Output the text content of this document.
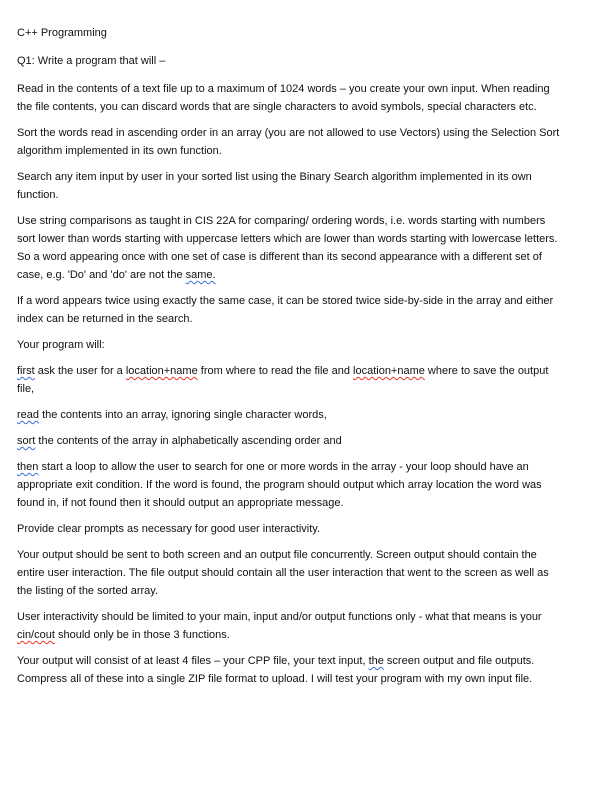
C++ Programming

Q1: Write a program that will –

Read in the contents of a text file up to a maximum of 1024 words – you create your own input. When reading the file contents, you can discard words that are single characters to avoid symbols, special characters etc.

Sort the words read in ascending order in an array (you are not allowed to use Vectors) using the Selection Sort algorithm implemented in its own function.

Search any item input by user in your sorted list using the Binary Search algorithm implemented in its own function.

Use string comparisons as taught in CIS 22A for comparing/ ordering words, i.e. words starting with numbers sort lower than words starting with uppercase letters which are lower than words starting with lowercase letters. So a word appearing once with one set of case is different than its second appearance with a different set of case, e.g. 'Do' and 'do' are not the same.

If a word appears twice using exactly the same case, it can be stored twice side-by-side in the array and either index can be returned in the search.

Your program will:

first ask the user for a location+name from where to read the file and location+name where to save the output file,

read the contents into an array, ignoring single character words,

sort the contents of the array in alphabetically ascending order and

then start a loop to allow the user to search for one or more words in the array - your loop should have an appropriate exit condition. If the word is found, the program should output which array location the word was found in, if not found then it should output an appropriate message.

Provide clear prompts as necessary for good user interactivity.

Your output should be sent to both screen and an output file concurrently. Screen output should contain the entire user interaction. The file output should contain all the user interaction that went to the screen as well as the listing of the sorted array.

User interactivity should be limited to your main, input and/or output functions only - what that means is your cin/cout should only be in those 3 functions.

Your output will consist of at least 4 files – your CPP file, your text input, the screen output and file outputs. Compress all of these into a single ZIP file format to upload. I will test your program with my own input file.
